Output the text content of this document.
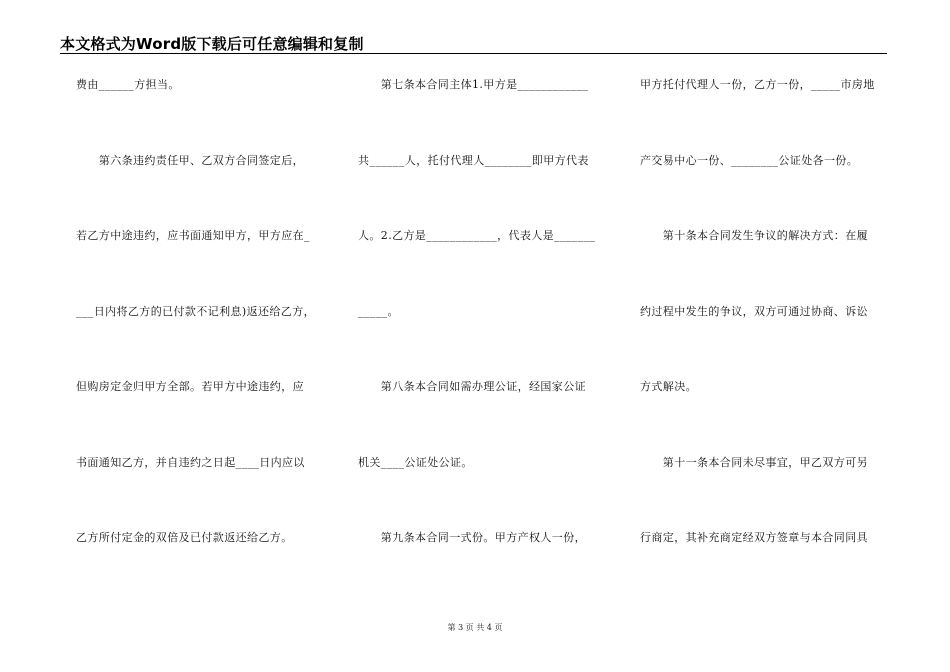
本文格式为Word版下载后可任意编辑和复制
费由______方担当。
　　第六条违约责任甲、乙双方合同签定后，
若乙方中途违约，应书面通知甲方，甲方应在_
___日内将乙方的已付款不记利息)返还给乙方，
但购房定金归甲方全部。若甲方中途违约，应
书面通知乙方，并自违约之日起____日内应以
乙方所付定金的双倍及已付款返还给乙方。
　　第七条本合同主体1.甲方是____________
共______人，托付代理人________即甲方代表
人。2.乙方是____________，代表人是_______
_____。
　　第八条本合同如需办理公证，经国家公证
机关____公证处公证。
　　第九条本合同一式份。甲方产权人一份，
甲方托付代理人一份，乙方一份，_____市房地
产交易中心一份、________公证处各一份。
　　第十条本合同发生争议的解决方式：在履
约过程中发生的争议，双方可通过协商、诉讼
方式解决。
　　第十一条本合同未尽事宜，甲乙双方可另
行商定，其补充商定经双方签章与本合同同具
第 3 页 共 4 页
